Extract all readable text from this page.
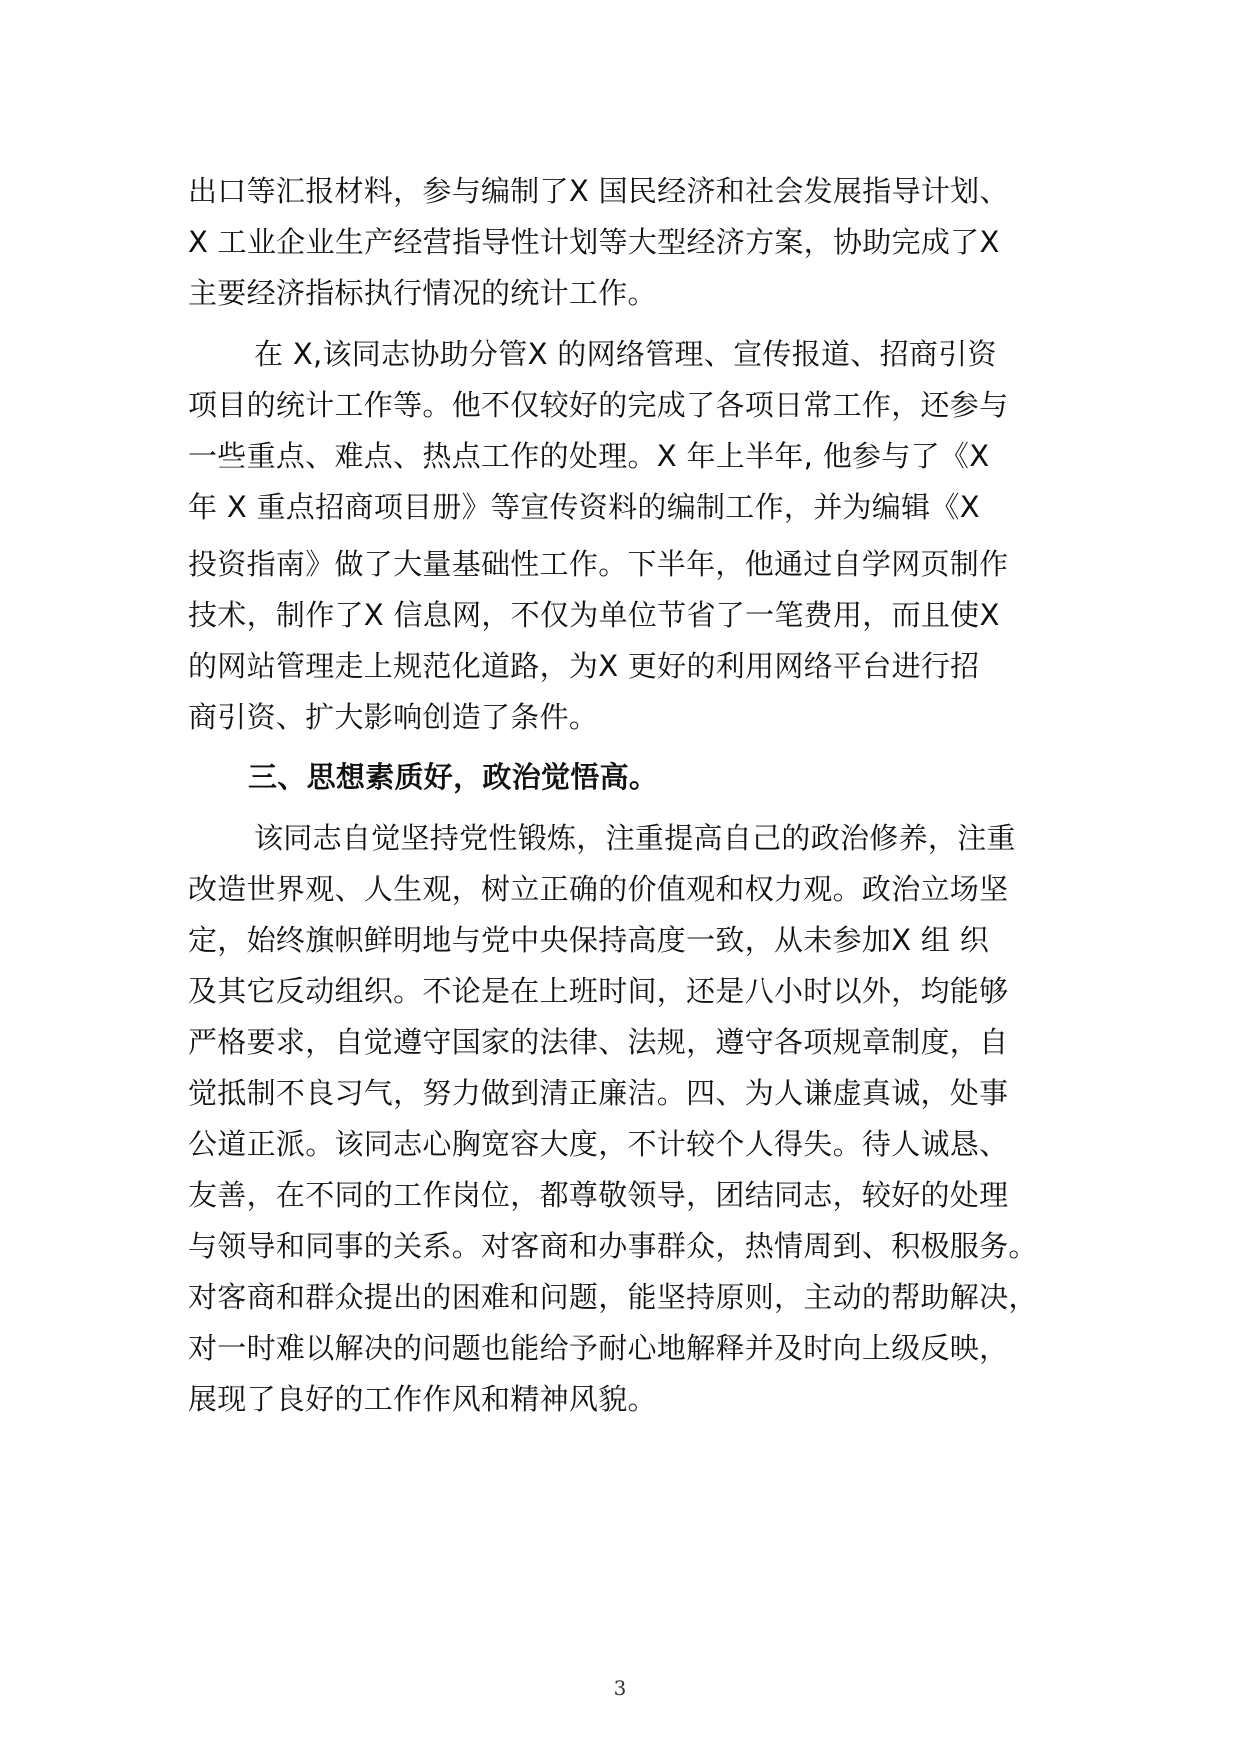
出口等汇报材料，参与编制了X 国民经济和社会发展指导计划、
X 工业企业生产经营指导性计划等大型经济方案，协助完成了X
主要经济指标执行情况的统计工作。
在 X,该同志协助分管X 的网络管理、宣传报道、招商引资
项目的统计工作等。他不仅较好的完成了各项日常工作，还参与
一些重点、难点、热点工作的处理。X 年上半年, 他参与了《X
年 X 重点招商项目册》等宣传资料的编制工作，并为编辑《X
投资指南》做了大量基础性工作。下半年，他通过自学网页制作
技术，制作了X 信息网，不仅为单位节省了一笔费用，而且使X
的网站管理走上规范化道路，为X 更好的利用网络平台进行招
商引资、扩大影响创造了条件。
三、思想素质好，政治觉悟高。
该同志自觉坚持党性锻炼，注重提高自己的政治修养，注重
改造世界观、人生观，树立正确的价值观和权力观。政治立场坚
定，始终旗帜鲜明地与党中央保持高度一致，从未参加X 组 织
及其它反动组织。不论是在上班时间，还是八小时以外，均能够
严格要求，自觉遵守国家的法律、法规，遵守各项规章制度，自
觉抵制不良习气，努力做到清正廉洁。四、为人谦虚真诚，处事
公道正派。该同志心胸宽容大度，不计较个人得失。待人诚恳、
友善，在不同的工作岗位，都尊敬领导，团结同志，较好的处理
与领导和同事的关系。对客商和办事群众，热情周到、积极服务。
对客商和群众提出的困难和问题，能坚持原则，主动的帮助解决，
对一时难以解决的问题也能给予耐心地解释并及时向上级反映，
展现了良好的工作作风和精神风貌。
3
